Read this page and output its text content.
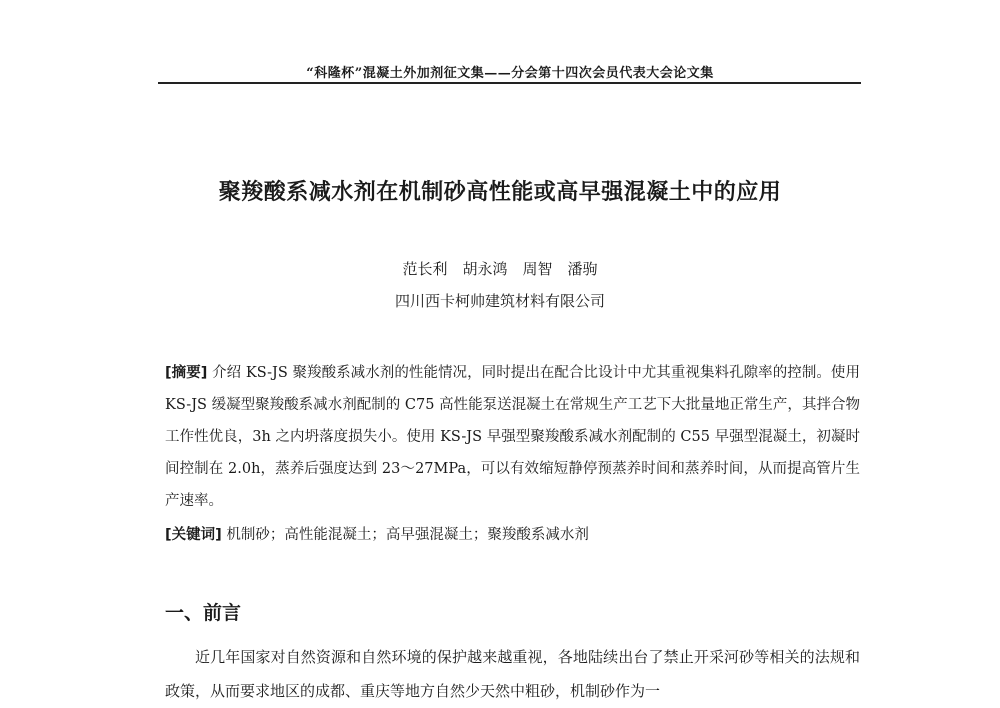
“科隆杯”混凝土外加剂征文集——分会第十四次会员代表大会论文集
聚羧酸系减水剂在机制砂高性能或高早强混凝土中的应用
范长利　胡永鸿　周智　潘驹
四川西卡柯帅建筑材料有限公司
[摘要] 介绍 KS-JS 聚羧酸系减水剂的性能情况，同时提出在配合比设计中尤其重视集料孔隙率的控制。使用 KS-JS 缓凝型聚羧酸系减水剂配制的 C75 高性能泵送混凝土在常规生产工艺下大批量地正常生产，其拌合物工作性优良，3h 之内坍落度损失小。使用 KS-JS 早强型聚羧酸系减水剂配制的 C55 早强型混凝土，初凝时间控制在 2.0h，蒸养后强度达到 23～27MPa，可以有效缩短静停预蒸养时间和蒸养时间，从而提高管片生产速率。
[关键词] 机制砂；高性能混凝土；高早强混凝土；聚羧酸系减水剂
一、前言

近几年国家对自然资源和自然环境的保护越来越重视，各地陆续出台了禁止开采河砂等相关的法规和政策，从而要求地区的成都、重庆等地方自然少天然中粗砂，机制砂作为一
